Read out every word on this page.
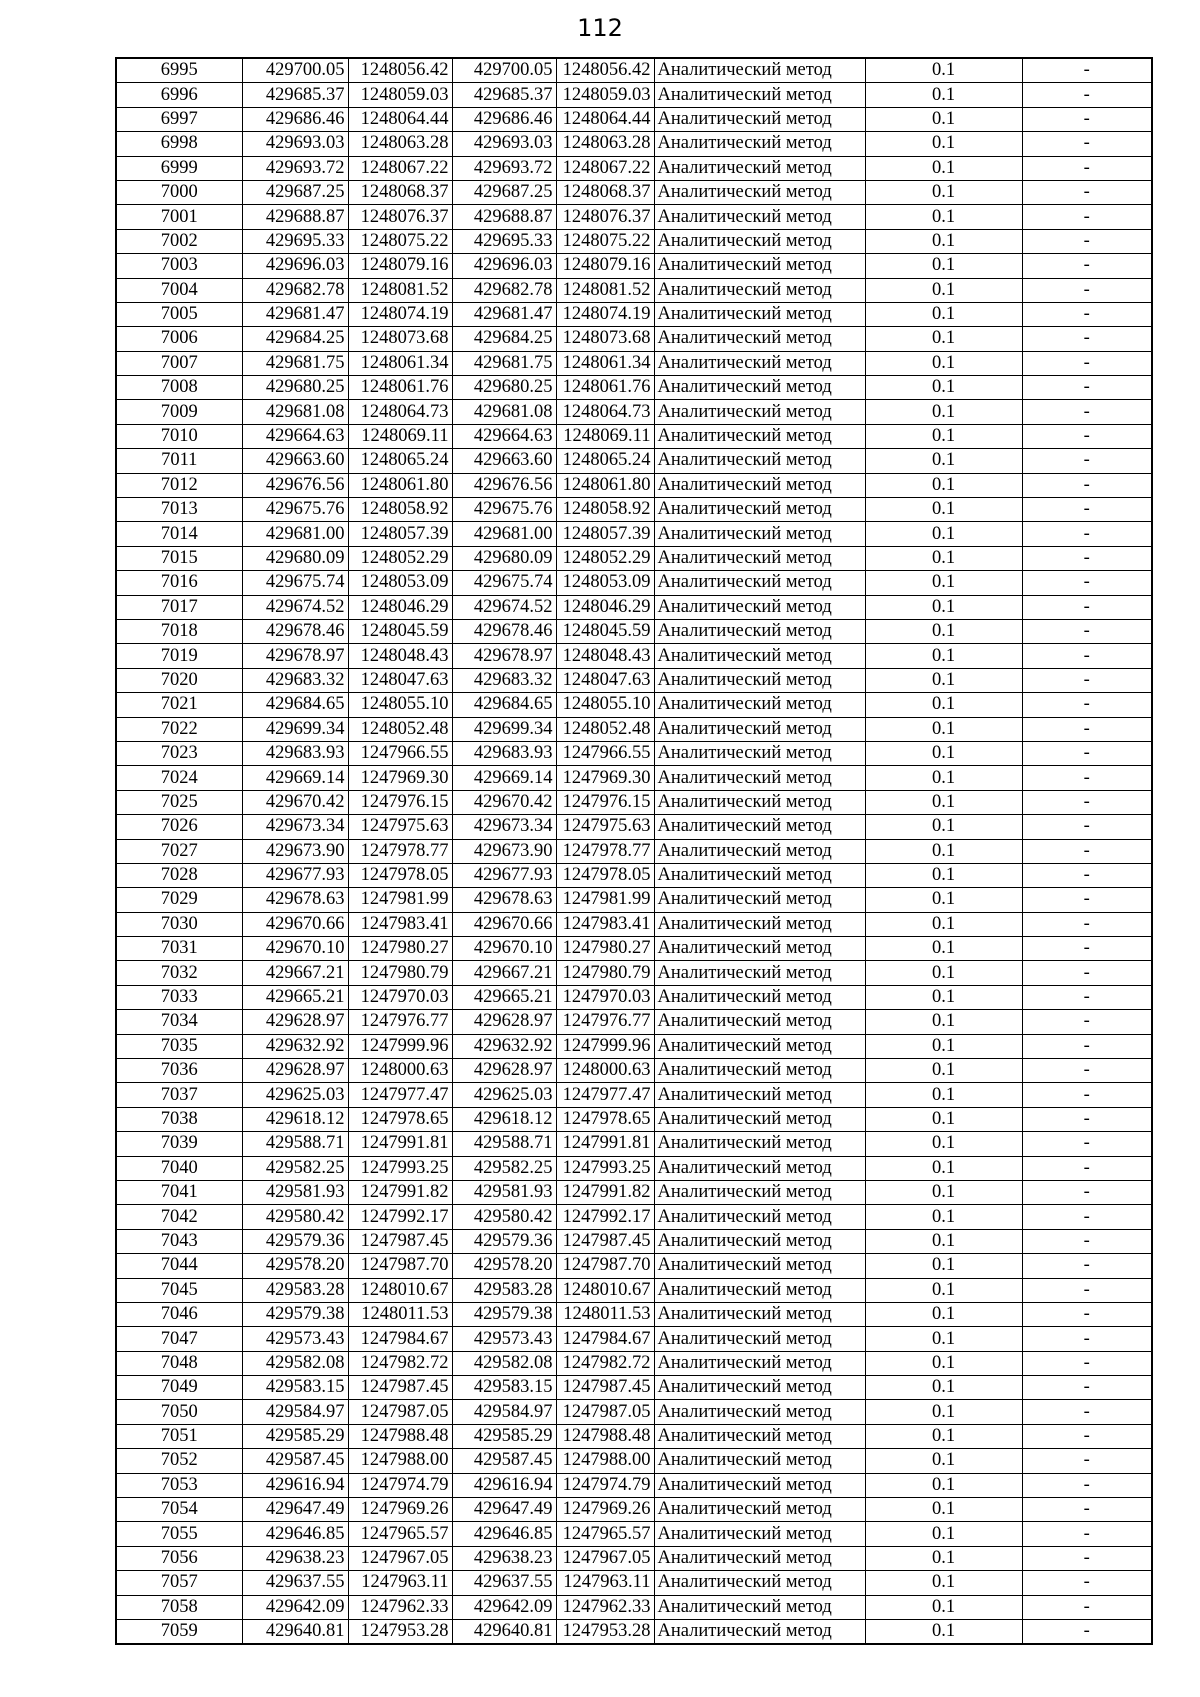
112
6995	429700.05	1248056.42	429700.05	1248056.42	Аналитический метод	0.1	-
6996	429685.37	1248059.03	429685.37	1248059.03	Аналитический метод	0.1	-
6997	429686.46	1248064.44	429686.46	1248064.44	Аналитический метод	0.1	-
6998	429693.03	1248063.28	429693.03	1248063.28	Аналитический метод	0.1	-
6999	429693.72	1248067.22	429693.72	1248067.22	Аналитический метод	0.1	-
7000	429687.25	1248068.37	429687.25	1248068.37	Аналитический метод	0.1	-
7001	429688.87	1248076.37	429688.87	1248076.37	Аналитический метод	0.1	-
7002	429695.33	1248075.22	429695.33	1248075.22	Аналитический метод	0.1	-
7003	429696.03	1248079.16	429696.03	1248079.16	Аналитический метод	0.1	-
7004	429682.78	1248081.52	429682.78	1248081.52	Аналитический метод	0.1	-
7005	429681.47	1248074.19	429681.47	1248074.19	Аналитический метод	0.1	-
7006	429684.25	1248073.68	429684.25	1248073.68	Аналитический метод	0.1	-
7007	429681.75	1248061.34	429681.75	1248061.34	Аналитический метод	0.1	-
7008	429680.25	1248061.76	429680.25	1248061.76	Аналитический метод	0.1	-
7009	429681.08	1248064.73	429681.08	1248064.73	Аналитический метод	0.1	-
7010	429664.63	1248069.11	429664.63	1248069.11	Аналитический метод	0.1	-
7011	429663.60	1248065.24	429663.60	1248065.24	Аналитический метод	0.1	-
7012	429676.56	1248061.80	429676.56	1248061.80	Аналитический метод	0.1	-
7013	429675.76	1248058.92	429675.76	1248058.92	Аналитический метод	0.1	-
7014	429681.00	1248057.39	429681.00	1248057.39	Аналитический метод	0.1	-
7015	429680.09	1248052.29	429680.09	1248052.29	Аналитический метод	0.1	-
7016	429675.74	1248053.09	429675.74	1248053.09	Аналитический метод	0.1	-
7017	429674.52	1248046.29	429674.52	1248046.29	Аналитический метод	0.1	-
7018	429678.46	1248045.59	429678.46	1248045.59	Аналитический метод	0.1	-
7019	429678.97	1248048.43	429678.97	1248048.43	Аналитический метод	0.1	-
7020	429683.32	1248047.63	429683.32	1248047.63	Аналитический метод	0.1	-
7021	429684.65	1248055.10	429684.65	1248055.10	Аналитический метод	0.1	-
7022	429699.34	1248052.48	429699.34	1248052.48	Аналитический метод	0.1	-
7023	429683.93	1247966.55	429683.93	1247966.55	Аналитический метод	0.1	-
7024	429669.14	1247969.30	429669.14	1247969.30	Аналитический метод	0.1	-
7025	429670.42	1247976.15	429670.42	1247976.15	Аналитический метод	0.1	-
7026	429673.34	1247975.63	429673.34	1247975.63	Аналитический метод	0.1	-
7027	429673.90	1247978.77	429673.90	1247978.77	Аналитический метод	0.1	-
7028	429677.93	1247978.05	429677.93	1247978.05	Аналитический метод	0.1	-
7029	429678.63	1247981.99	429678.63	1247981.99	Аналитический метод	0.1	-
7030	429670.66	1247983.41	429670.66	1247983.41	Аналитический метод	0.1	-
7031	429670.10	1247980.27	429670.10	1247980.27	Аналитический метод	0.1	-
7032	429667.21	1247980.79	429667.21	1247980.79	Аналитический метод	0.1	-
7033	429665.21	1247970.03	429665.21	1247970.03	Аналитический метод	0.1	-
7034	429628.97	1247976.77	429628.97	1247976.77	Аналитический метод	0.1	-
7035	429632.92	1247999.96	429632.92	1247999.96	Аналитический метод	0.1	-
7036	429628.97	1248000.63	429628.97	1248000.63	Аналитический метод	0.1	-
7037	429625.03	1247977.47	429625.03	1247977.47	Аналитический метод	0.1	-
7038	429618.12	1247978.65	429618.12	1247978.65	Аналитический метод	0.1	-
7039	429588.71	1247991.81	429588.71	1247991.81	Аналитический метод	0.1	-
7040	429582.25	1247993.25	429582.25	1247993.25	Аналитический метод	0.1	-
7041	429581.93	1247991.82	429581.93	1247991.82	Аналитический метод	0.1	-
7042	429580.42	1247992.17	429580.42	1247992.17	Аналитический метод	0.1	-
7043	429579.36	1247987.45	429579.36	1247987.45	Аналитический метод	0.1	-
7044	429578.20	1247987.70	429578.20	1247987.70	Аналитический метод	0.1	-
7045	429583.28	1248010.67	429583.28	1248010.67	Аналитический метод	0.1	-
7046	429579.38	1248011.53	429579.38	1248011.53	Аналитический метод	0.1	-
7047	429573.43	1247984.67	429573.43	1247984.67	Аналитический метод	0.1	-
7048	429582.08	1247982.72	429582.08	1247982.72	Аналитический метод	0.1	-
7049	429583.15	1247987.45	429583.15	1247987.45	Аналитический метод	0.1	-
7050	429584.97	1247987.05	429584.97	1247987.05	Аналитический метод	0.1	-
7051	429585.29	1247988.48	429585.29	1247988.48	Аналитический метод	0.1	-
7052	429587.45	1247988.00	429587.45	1247988.00	Аналитический метод	0.1	-
7053	429616.94	1247974.79	429616.94	1247974.79	Аналитический метод	0.1	-
7054	429647.49	1247969.26	429647.49	1247969.26	Аналитический метод	0.1	-
7055	429646.85	1247965.57	429646.85	1247965.57	Аналитический метод	0.1	-
7056	429638.23	1247967.05	429638.23	1247967.05	Аналитический метод	0.1	-
7057	429637.55	1247963.11	429637.55	1247963.11	Аналитический метод	0.1	-
7058	429642.09	1247962.33	429642.09	1247962.33	Аналитический метод	0.1	-
7059	429640.81	1247953.28	429640.81	1247953.28	Аналитический метод	0.1	-
